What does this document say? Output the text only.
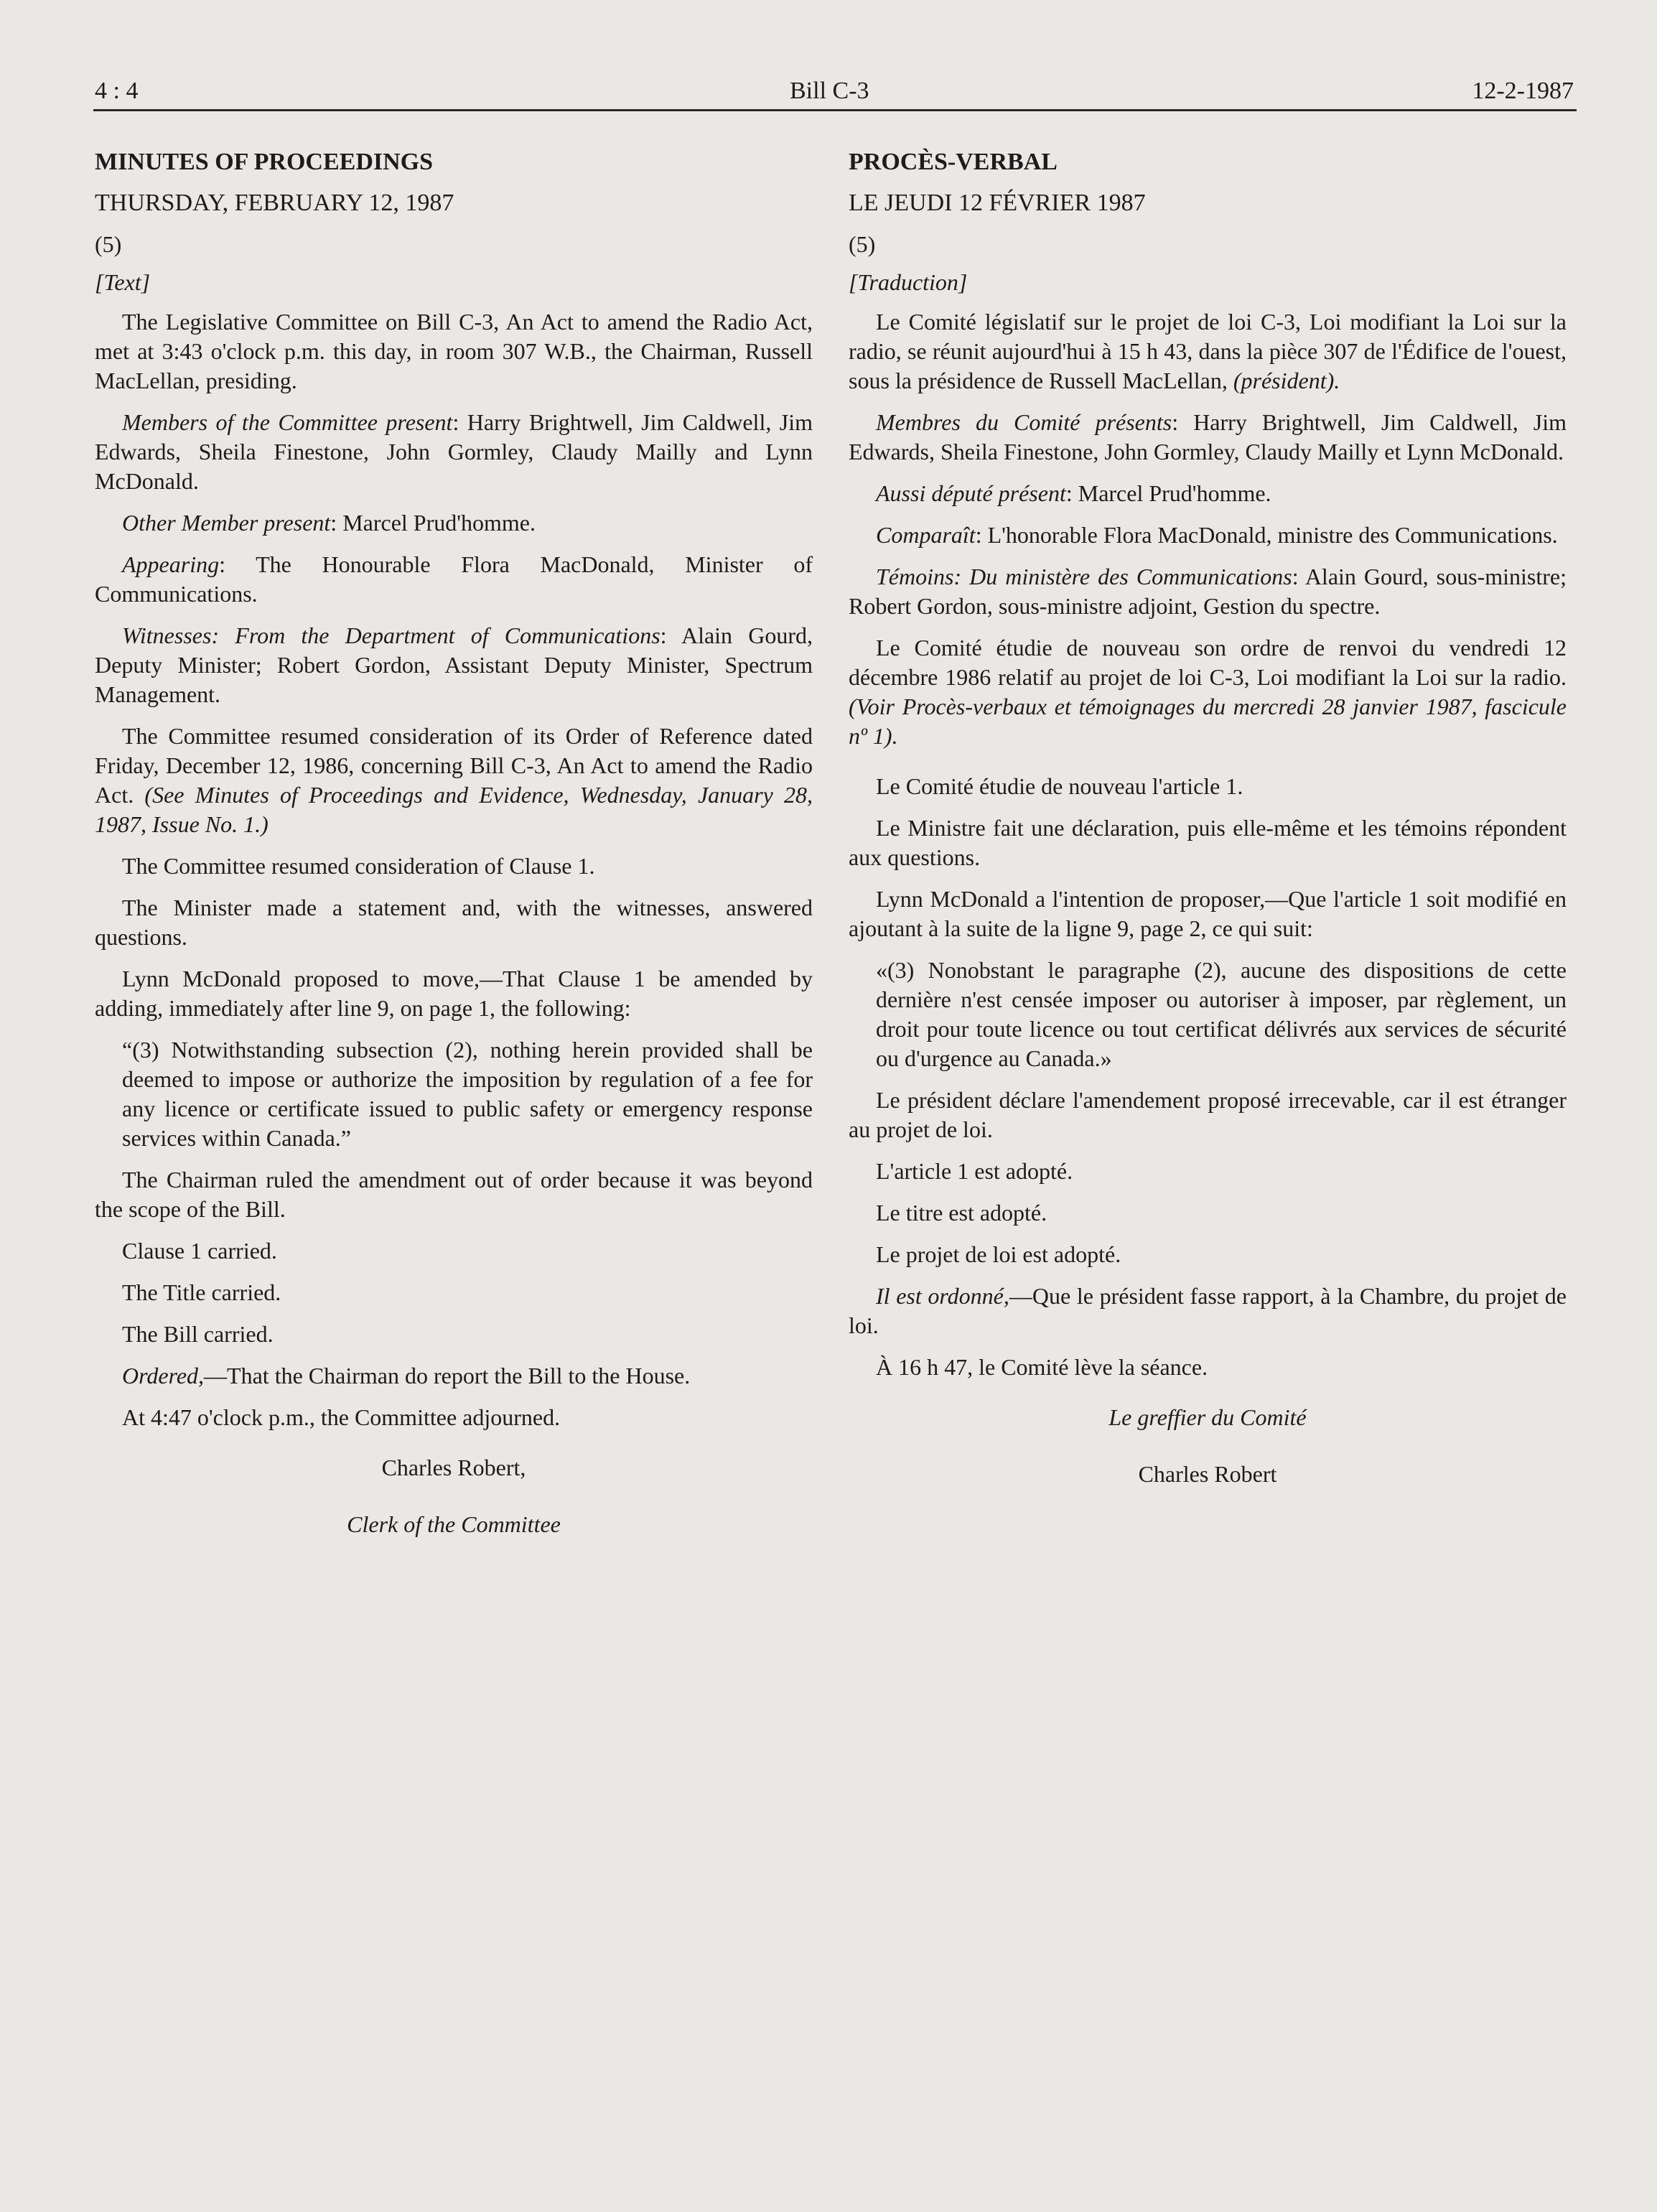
4 : 4	Bill C-3	12-2-1987

MINUTES OF PROCEEDINGS

THURSDAY, FEBRUARY 12, 1987

(5)

[Text]

The Legislative Committee on Bill C-3, An Act to amend the Radio Act, met at 3:43 o'clock p.m. this day, in room 307 W.B., the Chairman, Russell MacLellan, presiding.

Members of the Committee present: Harry Brightwell, Jim Caldwell, Jim Edwards, Sheila Finestone, John Gormley, Claudy Mailly and Lynn McDonald.

Other Member present: Marcel Prud'homme.

Appearing: The Honourable Flora MacDonald, Minister of Communications.

Witnesses: From the Department of Communications: Alain Gourd, Deputy Minister; Robert Gordon, Assistant Deputy Minister, Spectrum Management.

The Committee resumed consideration of its Order of Reference dated Friday, December 12, 1986, concerning Bill C-3, An Act to amend the Radio Act. (See Minutes of Proceedings and Evidence, Wednesday, January 28, 1987, Issue No. 1.)

The Committee resumed consideration of Clause 1.

The Minister made a statement and, with the witnesses, answered questions.

Lynn McDonald proposed to move,—That Clause 1 be amended by adding, immediately after line 9, on page 1, the following:

“(3) Notwithstanding subsection (2), nothing herein provided shall be deemed to impose or authorize the imposition by regulation of a fee for any licence or certificate issued to public safety or emergency response services within Canada.”

The Chairman ruled the amendment out of order because it was beyond the scope of the Bill.

Clause 1 carried.

The Title carried.

The Bill carried.

Ordered,—That the Chairman do report the Bill to the House.

At 4:47 o'clock p.m., the Committee adjourned.

Charles Robert,

Clerk of the Committee

PROCÈS-VERBAL

LE JEUDI 12 FÉVRIER 1987

(5)

[Traduction]

Le Comité législatif sur le projet de loi C-3, Loi modifiant la Loi sur la radio, se réunit aujourd'hui à 15 h 43, dans la pièce 307 de l'Édifice de l'ouest, sous la présidence de Russell MacLellan, (président).

Membres du Comité présents: Harry Brightwell, Jim Caldwell, Jim Edwards, Sheila Finestone, John Gormley, Claudy Mailly et Lynn McDonald.

Aussi député présent: Marcel Prud'homme.

Comparaît: L'honorable Flora MacDonald, ministre des Communications.

Témoins: Du ministère des Communications: Alain Gourd, sous-ministre; Robert Gordon, sous-ministre adjoint, Gestion du spectre.

Le Comité étudie de nouveau son ordre de renvoi du vendredi 12 décembre 1986 relatif au projet de loi C-3, Loi modifiant la Loi sur la radio. (Voir Procès-verbaux et témoignages du mercredi 28 janvier 1987, fascicule nº 1).

Le Comité étudie de nouveau l'article 1.

Le Ministre fait une déclaration, puis elle-même et les témoins répondent aux questions.

Lynn McDonald a l'intention de proposer,—Que l'article 1 soit modifié en ajoutant à la suite de la ligne 9, page 2, ce qui suit:

«(3) Nonobstant le paragraphe (2), aucune des dispositions de cette dernière n'est censée imposer ou autoriser à imposer, par règlement, un droit pour toute licence ou tout certificat délivrés aux services de sécurité ou d'urgence au Canada.»

Le président déclare l'amendement proposé irrecevable, car il est étranger au projet de loi.

L'article 1 est adopté.

Le titre est adopté.

Le projet de loi est adopté.

Il est ordonné,—Que le président fasse rapport, à la Chambre, du projet de loi.

À 16 h 47, le Comité lève la séance.

Le greffier du Comité

Charles Robert
